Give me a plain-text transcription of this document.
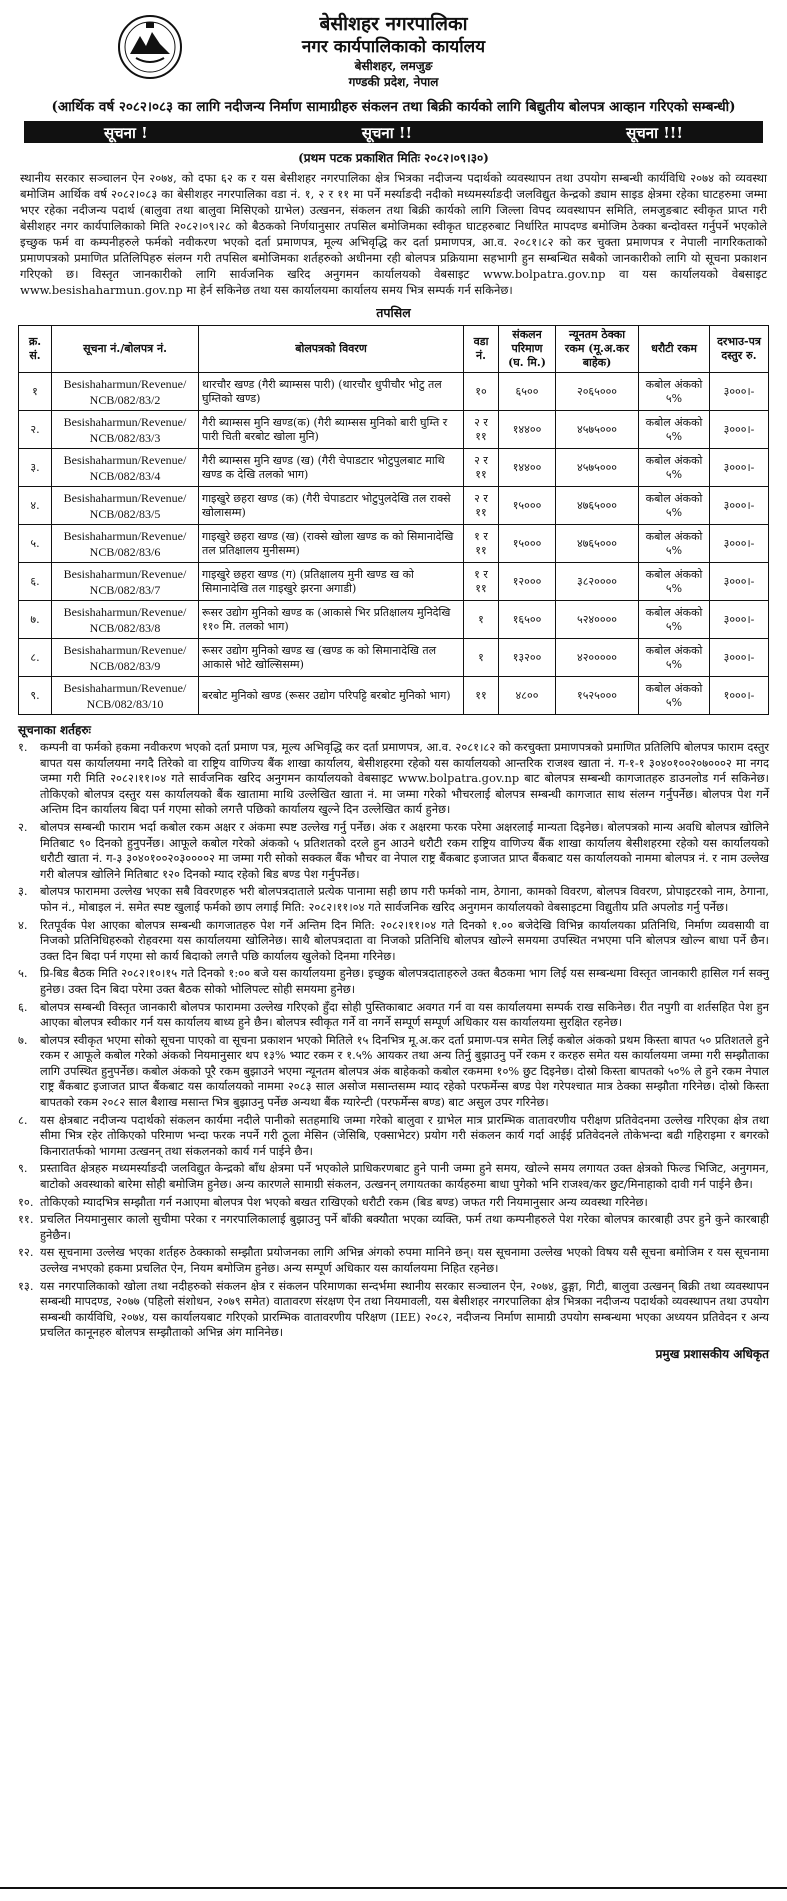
बेसीशहर नगरपालिका
नगर कार्यपालिकाको कार्यालय
बेसीशहर, लमजुङ
गण्डकी प्रदेश, नेपाल
(आर्थिक वर्ष २०८२।०८३ का लागि नदीजन्य निर्माण सामाग्रीहरु संकलन तथा बिक्री कार्यको लागि बिद्युतीय बोलपत्र आव्हान गरिएको सम्बन्धी)
सूचना !	सूचना !!	सूचना !!!
(प्रथम पटक प्रकाशित मितिः २०८२।०९।३०)
स्थानीय सरकार सञ्चालन ऐन २०७४, को दफा ६२ क र यस बेसीशहर नगरपालिका क्षेत्र भित्रका नदीजन्य पदार्थको व्यवस्थापन तथा उपयोग सम्बन्धी कार्यविधि २०७४ को व्यवस्था बमोजिम आर्थिक वर्ष २०८२।०८३ का बेसीशहर नगरपालिका वडा नं. १, २ र ११ मा पर्ने मर्स्याङदी नदीको मध्यमर्स्याङदी जलविद्युत केन्द्रको ड्याम साइड क्षेत्रमा रहेका घाटहरुमा जम्मा भएर रहेका नदीजन्य पदार्थ (बालुवा तथा बालुवा मिसिएको ग्राभेल) उत्खनन, संकलन तथा बिक्री कार्यको लागि जिल्ला विपद व्यवस्थापन समिति, लमजुङबाट स्वीकृत प्राप्त गरी बेसीशहर नगर कार्यपालिकाको मिति २०८२।०९।२८ को बैठकको निर्णयानुसार तपसिल बमोजिमका स्वीकृत घाटहरुबाट निर्धारित मापदण्ड बमोजिम ठेक्का बन्दोवस्त गर्नुपर्ने भएकोले इच्छुक फर्म वा कम्पनीहरुले फर्मको नवीकरण भएको दर्ता प्रमाणपत्र, मूल्य अभिवृद्धि कर दर्ता प्रमाणपत्र, आ.व. २०८१।८२ को कर चुक्ता प्रमाणपत्र र नेपाली नागरिकताको प्रमाणपत्रको प्रमाणित प्रतिलिपिहरु संलग्न गरी तपसिल बमोजिमका शर्तहरुको अधीनमा रही बोलपत्र प्रक्रियामा सहभागी हुन सम्बन्धित सबैको जानकारीको लागि यो सूचना प्रकाशन गरिएको छ। विस्तृत जानकारीको लागि सार्वजनिक खरिद अनुगमन कार्यालयको वेबसाइट www.bolpatra.gov.np वा यस कार्यालयको वेबसाइट www.besishaharmun.gov.np मा हेर्न सकिनेछ तथा यस कार्यालयमा कार्यालय समय भित्र सम्पर्क गर्न सकिनेछ।
तपसिल
क्र. सं.	सूचना नं./बोलपत्र नं.	बोलपत्रको विवरण	वडा नं.	संकलन परिमाण (घ. मि.)	न्यूनतम ठेक्का रकम (मू.अ.कर बाहेक)	धरौटी रकम	दरभाउ-पत्र दस्तुर रु.
१	Besishaharmun/Revenue/ NCB/082/83/2	थारचौर खण्ड (गैरी ब्याम्सस पारी) (थारचौर धुपीचौर भोटु तल घुम्तिको खण्ड)	१०	६५००	२०६५०००	कबोल अंकको ५%	३०००।-
२.	Besishaharmun/Revenue/ NCB/082/83/3	गैरी ब्याम्सस मुनि खण्ड(क) (गैरी ब्याम्सस मुनिको बारी घुम्ति र पारी चिती बरबोट खोला मुनि)	२ र ११	१४४००	४५७५०००	कबोल अंकको ५%	३०००।-
३.	Besishaharmun/Revenue/ NCB/082/83/4	गैरी ब्याम्सस मुनि खण्ड (ख) (गैरी चेपाडटार भोटुपुलबाट माथि खण्ड क देखि तलको भाग)	२ र ११	१४४००	४५७५०००	कबोल अंकको ५%	३०००।-
४.	Besishaharmun/Revenue/ NCB/082/83/5	गाइखुरे छहरा खण्ड (क) (गैरी चेपाडटार भोटुपुलदेखि तल राक्से खोलासम्म)	२ र ११	१५०००	४७६५०००	कबोल अंकको ५%	३०००।-
५.	Besishaharmun/Revenue/ NCB/082/83/6	गाइखुरे छहरा खण्ड (ख) (राक्से खोला खण्ड क को सिमानादेखि तल प्रतिक्षालय मुनीसम्म)	१ र ११	१५०००	४७६५०००	कबोल अंकको ५%	३०००।-
६.	Besishaharmun/Revenue/ NCB/082/83/7	गाइखुरे छहरा खण्ड (ग) (प्रतिक्षालय मुनी खण्ड ख को सिमानादेखि तल गाइखुरे झरना अगाडी)	१ र ११	१२०००	३८२००००	कबोल अंकको ५%	३०००।-
७.	Besishaharmun/Revenue/ NCB/082/83/8	रूसर उद्योग मुनिको खण्ड क (आकासे भिर प्रतिक्षालय मुनिदेखि ११० मि. तलको भाग)	१	१६५००	५२४००००	कबोल अंकको ५%	३०००।-
८.	Besishaharmun/Revenue/ NCB/082/83/9	रूसर उद्योग मुनिको खण्ड ख (खण्ड क को सिमानादेखि तल आकासे भोटे खोल्सिसम्म)	१	१३२००	४२०००००	कबोल अंकको ५%	३०००।-
९.	Besishaharmun/Revenue/ NCB/082/83/10	बरबोट मुनिको खण्ड (रूसर उद्योग परिपट्टि बरबोट मुनिको भाग)	११	४८००	१५२५०००	कबोल अंकको ५%	१०००।-
सूचनाका शर्तहरुः
१.	कम्पनी वा फर्मको हकमा नवीकरण भएको दर्ता प्रमाण पत्र, मूल्य अभिवृद्धि कर दर्ता प्रमाणपत्र, आ.व. २०८१।८२ को करचुक्ता प्रमाणपत्रको प्रमाणित प्रतिलिपि बोलपत्र फाराम दस्तुर बापत यस कार्यालयमा नगदै तिरेको वा राष्ट्रिय वाणिज्य बैंक शाखा कार्यालय, बेसीशहरमा रहेको यस कार्यालयको आन्तरिक राजश्व खाता नं. ग-१-१ ३०४०१००२०७०००२ मा नगद जम्मा गरी मिति २०८२।११।०४ गते सार्वजनिक खरिद अनुगमन कार्यालयको वेबसाइट www.bolpatra.gov.np बाट बोलपत्र सम्बन्धी कागजातहरु डाउनलोड गर्न सकिनेछ। तोकिएको बोलपत्र दस्तुर यस कार्यालयको बैंक खातामा माथि उल्लेखित खाता नं. मा जम्मा गरेको भौचरलाई बोलपत्र सम्बन्धी कागजात साथ संलग्न गर्नुपर्नेछ। बोलपत्र पेश गर्ने अन्तिम दिन कार्यालय बिदा पर्न गएमा सोको लगत्तै पछिको कार्यालय खुल्ने दिन उल्लेखित कार्य हुनेछ।
२.	बोलपत्र सम्बन्धी फाराम भर्दा कबोल रकम अक्षर र अंकमा स्पष्ट उल्लेख गर्नु पर्नेछ। अंक र अक्षरमा फरक परेमा अक्षरलाई मान्यता दिइनेछ। बोलपत्रको मान्य अवधि बोलपत्र खोलिने मितिबाट ९० दिनको हुनुपर्नेछ। आफूले कबोल गरेको अंकको ५ प्रतिशतको दरले हुन आउने धरौटी रकम राष्ट्रिय वाणिज्य बैंक शाखा कार्यालय बेसीशहरमा रहेको यस कार्यालयको धरौटी खाता नं. ग-३ ३०४०१००२०३००००२ मा जम्मा गरी सोको सक्कल बैंक भौचर वा नेपाल राष्ट्र बैंकबाट इजाजत प्राप्त बैंकबाट यस कार्यालयको नाममा बोलपत्र नं. र नाम उल्लेख गरी बोलपत्र खोलिने मितिबाट १२० दिनको म्याद रहेको बिड बण्ड पेश गर्नुपर्नेछ।
३.	बोलपत्र फाराममा उल्लेख भएका सबै विवरणहरु भरी बोलपत्रदाताले प्रत्येक पानामा सही छाप गरी फर्मको नाम, ठेगाना, कामको विवरण, बोलपत्र विवरण, प्रोपाइटरको नाम, ठेगाना, फोन नं., मोबाइल नं. समेत स्पष्ट खुलाई फर्मको छाप लगाई मिति: २०८२।११।०४ गते सार्वजनिक खरिद अनुगमन कार्यालयको वेबसाइटमा विद्युतीय प्रति अपलोड गर्नु पर्नेछ।
४.	रितपूर्वक पेश आएका बोलपत्र सम्बन्धी कागजातहरु पेश गर्ने अन्तिम दिन मिति: २०८२।११।०४ गते दिनको १.०० बजेदेखि विभिन्न कार्यालयका प्रतिनिधि, निर्माण व्यवसायी वा निजको प्रतिनिधिहरुको रोहवरमा यस कार्यालयमा खोलिनेछ। साथै बोलपत्रदाता वा निजको प्रतिनिधि बोलपत्र खोल्ने समयमा उपस्थित नभएमा पनि बोलपत्र खोल्न बाधा पर्ने छैन। उक्त दिन बिदा पर्न गएमा सो कार्य बिदाको लगत्तै पछि कार्यालय खुलेको दिनमा गरिनेछ।
५.	प्रि-बिड बैठक मिति २०८२।१०।१५ गते दिनको १:०० बजे यस कार्यालयमा हुनेछ। इच्छुक बोलपत्रदाताहरुले उक्त बैठकमा भाग लिई यस सम्बन्धमा विस्तृत जानकारी हासिल गर्न सक्नु हुनेछ। उक्त दिन बिदा परेमा उक्त बैठक सोको भोलिपल्ट सोही समयमा हुनेछ।
६.	बोलपत्र सम्बन्धी विस्तृत जानकारी बोलपत्र फाराममा उल्लेख गरिएको हुँदा सोही पुस्तिकाबाट अवगत गर्न वा यस कार्यालयमा सम्पर्क राख सकिनेछ। रीत नपुगी वा शर्तसहित पेश हुन आएका बोलपत्र स्वीकार गर्न यस कार्यालय बाध्य हुने छैन। बोलपत्र स्वीकृत गर्ने वा नगर्ने सम्पूर्ण सम्पूर्ण अधिकार यस कार्यालयमा सुरक्षित रहनेछ।
७.	बोलपत्र स्वीकृत भएमा सोको सूचना पाएको वा सूचना प्रकाशन भएको मितिले १५ दिनभित्र मू.अ.कर दर्ता प्रमाण-पत्र समेत लिई कबोल अंकको प्रथम किस्ता बापत ५० प्रतिशतले हुने रकम र आफूले कबोल गरेको अंकको नियमानुसार थप १३% भ्याट रकम र १.५% आयकर तथा अन्य तिर्नु बुझाउनु पर्ने रकम र करहरु समेत यस कार्यालयमा जम्मा गरी सम्झौताका लागि उपस्थित हुनुपर्नेछ। कबोल अंकको पूरै रकम बुझाउने भएमा न्यूनतम बोलपत्र अंक बाहेकको कबोल रकममा १०% छुट दिइनेछ। दोस्रो किस्ता बापतको ५०% ले हुने रकम नेपाल राष्ट्र बैंकबाट इजाजत प्राप्त बैंकबाट यस कार्यालयको नाममा २०८३ साल असोज मसान्तसम्म म्याद रहेको परफर्मेन्स बण्ड पेश गरेपश्चात मात्र ठेक्का सम्झौता गरिनेछ। दोस्रो किस्ता बापतको रकम २०८२ साल बैशाख मसान्त भित्र बुझाउनु पर्नेछ अन्यथा बैंक ग्यारेन्टी (परफर्मेन्स बण्ड) बाट असुल उपर गरिनेछ।
८.	यस क्षेत्रबाट नदीजन्य पदार्थको संकलन कार्यमा नदीले पानीको सतहमाथि जम्मा गरेको बालुवा र ग्राभेल मात्र प्रारम्भिक वातावरणीय परीक्षण प्रतिवेदनमा उल्लेख गरिएका क्षेत्र तथा सीमा भित्र रहेर तोकिएको परिमाण भन्दा फरक नपर्ने गरी ठूला मेसिन (जेसिबि, एक्साभेटर) प्रयोग गरी संकलन कार्य गर्दा आईई प्रतिवेदनले तोकेभन्दा बढी गहिराइमा र बगरको किनारातर्फको भागमा उत्खनन् तथा संकलनको कार्य गर्न पाईने छैन।
९.	प्रस्तावित क्षेत्रहरु मध्यमर्स्याङदी जलविद्युत केन्द्रको बाँध क्षेत्रमा पर्ने भएकोले प्राधिकरणबाट हुने पानी जम्मा हुने समय, खोल्ने समय लगायत उक्त क्षेत्रको फिल्ड भिजिट, अनुगमन, बाटोको अवस्थाको बारेमा सोही बमोजिम हुनेछ। अन्य कारणले सामाग्री संकलन, उत्खनन् लगायतका कार्यहरुमा बाधा पुगेको भनि राजश्व/कर छुट/मिनाहाको दावी गर्न पाईने छैन।
१०. तोकिएको म्यादभित्र सम्झौता गर्न नआएमा बोलपत्र पेश भएको बखत राखिएको धरौटी रकम (बिड बण्ड) जफत गरी नियमानुसार अन्य व्यवस्था गरिनेछ।
११. प्रचलित नियमानुसार कालो सुचीमा परेका र नगरपालिकालाई बुझाउनु पर्ने बाँकी बक्यौता भएका व्यक्ति, फर्म तथा कम्पनीहरुले पेश गरेका बोलपत्र कारबाही उपर हुने कुने कारबाही हुनेछैन।
१२. यस सूचनामा उल्लेख भएका शर्तहरु ठेक्काको सम्झौता प्रयोजनका लागि अभिन्न अंगको रुपमा मानिने छन्। यस सूचनामा उल्लेख भएको विषय यसै सूचना बमोजिम र यस सूचनामा उल्लेख नभएको हकमा प्रचलित ऐन, नियम बमोजिम हुनेछ। अन्य सम्पूर्ण अधिकार यस कार्यालयमा निहित रहनेछ।
१३. यस नगरपालिकाको खोला तथा नदीहरुको संकलन क्षेत्र र संकलन परिमाणका सन्दर्भमा स्थानीय सरकार सञ्चालन ऐन, २०७४, ढुङ्गा, गिटी, बालुवा उत्खनन् बिक्री तथा व्यवस्थापन सम्बन्धी मापदण्ड, २०७७ (पहिलो संशोधन, २०७९ समेत) वातावरण संरक्षण ऐन तथा नियमावली, यस बेसीशहर नगरपालिका क्षेत्र भित्रका नदीजन्य पदार्थको व्यवस्थापन तथा उपयोग सम्बन्धी कार्यविधि, २०७४, यस कार्यालयबाट गरिएको प्रारम्भिक वातावरणीय परिक्षण (IEE) २०८२, नदीजन्य निर्माण सामाग्री उपयोग सम्बन्धमा भएका अध्ययन प्रतिवेदन र अन्य प्रचलित कानूनहरु बोलपत्र सम्झौताको अभिन्न अंग मानिनेछ।
प्रमुख प्रशासकीय अधिकृत
